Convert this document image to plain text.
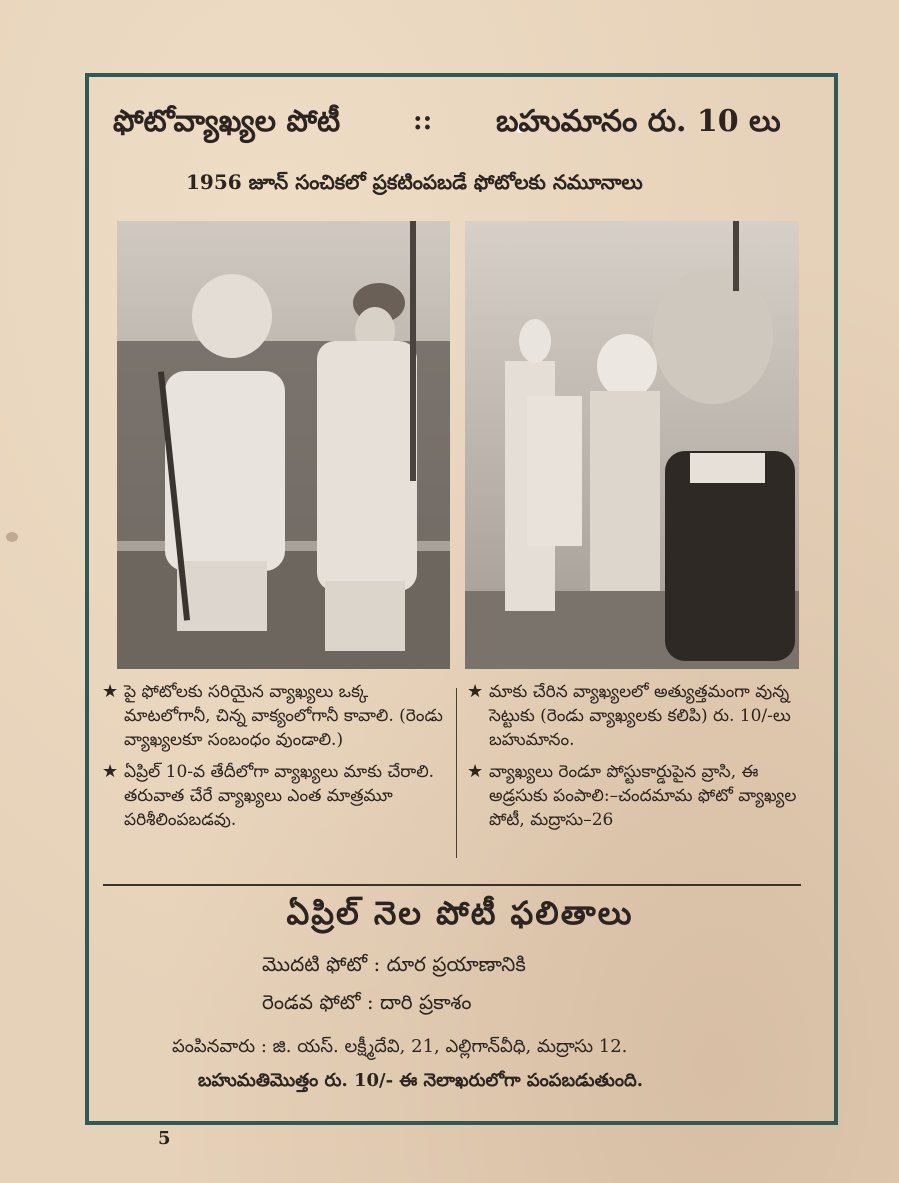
ఫోటోవ్యాఖ్యల పోటీ	:: బహుమానం రు. 10 లు
1956 జూన్ సంచికలో ప్రకటింపబడే ఫోటోలకు నమూనాలు
★ పై ఫోటోలకు సరియైన వ్యాఖ్యలు ఒక్క మాటలోగానీ, చిన్న వాక్యంలోగానీ కావాలి. (రెండు వ్యాఖ్యలకూ సంబంధం వుండాలి.)
★ ఏప్రిల్ 10-వ తేదీలోగా వ్యాఖ్యలు మాకు చేరాలి. తరువాత చేరే వ్యాఖ్యలు ఎంత మాత్రమూ పరిశీలింపబడవు.
★ మాకు చేరిన వ్యాఖ్యలలో అత్యుత్తమంగా వున్న సెట్టుకు (రెండు వ్యాఖ్యలకు కలిపి) రు. 10/-లు బహుమానం.
★ వ్యాఖ్యలు రెండూ పోస్టుకార్డుపైన వ్రాసి, ఈ అడ్రసుకు పంపాలి:–చందమామ ఫోటో వ్యాఖ్యల పోటీ, మద్రాసు–26
ఏప్రిల్ నెల పోటీ ఫలితాలు
మొదటి ఫోటో : దూర ప్రయాణానికి
రెండవ ఫోటో : దారి ప్రకాశం
పంపినవారు : జి. యస్. లక్ష్మీదేవి, 21, ఎల్లిగాన్‌వీధి, మద్రాసు 12.
బహుమతిమొత్తం రు. 10/- ఈ నెలాఖరులోగా పంపబడుతుంది.
5
